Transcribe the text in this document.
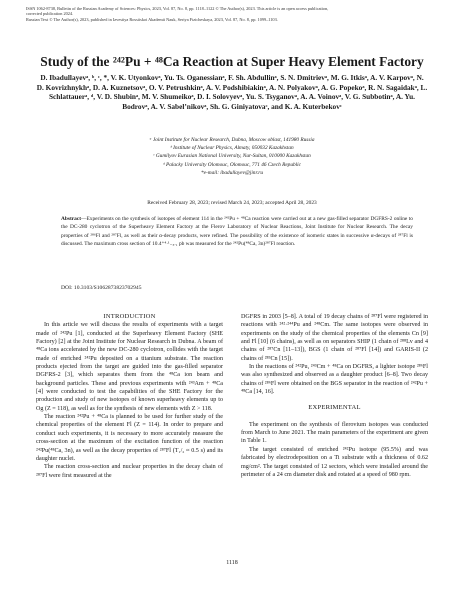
ISSN 1062-8738, Bulletin of the Russian Academy of Sciences: Physics, 2023, Vol. 87, No. 8, pp. 1118–1122 © The Author(s), 2023. This article is an open access publication,
corrected publication 2024.
Russian Text © The Author(s), 2023, published in Izvestiya Rossiiskoi Akademii Nauk, Seriya Fizicheskaya, 2023, Vol. 87, No. 8, pp. 1099–1103.
Study of the ²⁴²Pu + ⁴⁸Ca Reaction at Super Heavy Element Factory
D. Ibadullayevᵃ, ᵇ, ᶜ, *, V. K. Utyonkovᵃ, Yu. Ts. Oganessianᵃ, F. Sh. Abdullinᵃ, S. N. Dmitrievᵃ, M. G. Itkisᵃ, A. V. Karpovᵃ, N. D. Kovrizhnykhᵃ, D. A. Kuznetsovᵃ, O. V. Petrushkinᵃ, A. V. Podshibiakinᵃ, A. N. Polyakovᵃ, A. G. Popekoᵃ, R. N. Sagaidakᵃ, L. Schlattauerᵃ, ᵈ, V. D. Shubinᵃ, M. V. Shumeikoᵃ, D. I. Solovyevᵃ, Yu. S. Tsyganovᵃ, A. A. Voinovᵃ, V. G. Subbotinᵃ, A. Yu. Bodrovᵃ, A. V. Sabel’nikovᵃ, Sh. G. Giniyatovaᶜ, and K. A. Kuterbekovᶜ
ᵃ Joint Institute for Nuclear Research, Dubna, Moscow oblast, 141980 Russia
ᵇ Institute of Nuclear Physics, Almaty, 050032 Kazakhstan
ᶜ Gumilyov Eurasian National University, Nur-Sultan, 010000 Kazakhstan
ᵈ Palacky University Olomouc, Olomouc, 771 46 Czech Republic
*e-mail: ibadullayev@jinr.ru
Received February 28, 2023; revised March 24, 2023; accepted April 28, 2023
Abstract—Experiments on the synthesis of isotopes of element 114 in the ²⁴²Pu + ⁴⁸Ca reaction were carried out at a new gas-filled separator DGFRS-2 online to the DC-280 cyclotron of the Superheavy Element Factory at the Flerov Laboratory of Nuclear Reactions, Joint Institute for Nuclear Research. The decay properties of ²⁸⁶Fl and ²⁸⁷Fl, as well as their α-decay products, were refined. The possibility of the existence of isomeric states in successive α-decays of ²⁸⁷Fl is discussed. The maximum cross section of 10.4⁺⁴·¹₋₃.₁ pb was measured for the ²⁴²Pu(⁴⁸Ca, 3n)²⁸⁷Fl reaction.
DOI: 10.3103/S1062873823702945

INTRODUCTION

In this article we will discuss the results of experiments with a target made of ²⁴²Pu [1], conducted at the Superheavy Element Factory (SHE Factory) [2] at the Joint Institute for Nuclear Research in Dubna. A beam of ⁴⁸Ca ions accelerated by the new DC-280 cyclotron, collides with the target made of enriched ²⁴²Pu deposited on a titanium substrate. The reaction products ejected from the target are guided into the gas-filled separator DGFRS-2 [3], which separates them from the ⁴⁸Ca ion beam and background particles. These and previous experiments with ²⁴³Am + ⁴⁸Ca [4] were conducted to test the capabilities of the SHE Factory for the production and study of new isotopes of known superheavy elements up to Og (Z = 118), as well as for the synthesis of new elements with Z > 118.

The reaction ²⁴²Pu + ⁴⁸Ca is planned to be used for further study of the chemical properties of the element Fl (Z = 114). In order to prepare and conduct such experiments, it is necessary to more accurately measure the cross-section at the maximum of the excitation function of the reaction ²⁴²Pu(⁴⁸Ca, 3n), as well as the decay properties of ²⁸⁷Fl (T₁/₂ ≈ 0.5 s) and its daughter nuclei.

The reaction cross-section and nuclear properties in the decay chain of ²⁸⁷Fl were first measured at the

DGFRS in 2003 [5–8]. A total of 19 decay chains of ²⁸⁷Fl were registered in reactions with ²⁴²·²⁴⁴Pu and ²⁴⁸Cm. The same isotopes were observed in experiments on the study of the chemical properties of the elements Cn [9] and Fl [10] (6 chains), as well as on separators SHIP (1 chain of ²⁸⁸Lv and 4 chains of ²⁸⁷Cn [11–13]), BGS (1 chain of ²⁸⁷Fl [14]) and GARIS-II (2 chains of ²⁸³Cn [15]).

In the reactions of ²⁴²Pu, ²⁴³Cm + ⁴⁸Ca on DGFRS, a lighter isotope ²⁸⁶Fl was also synthesized and observed as a daughter product [6–8]. Two decay chains of ²⁸⁶Fl were obtained on the BGS separator in the reaction of ²⁴²Pu + ⁴⁸Ca [14, 16].

EXPERIMENTAL

The experiment on the synthesis of flerovium isotopes was conducted from March to June 2021. The main parameters of the experiment are given in Table 1.

The target consisted of enriched ²⁴²Pu isotope (95.5%) and was fabricated by electrodeposition on a Ti substrate with a thickness of 0.62 mg/cm². The target consisted of 12 sectors, which were installed around the perimeter of a 24 cm diameter disk and rotated at a speed of 980 rpm.

1118
